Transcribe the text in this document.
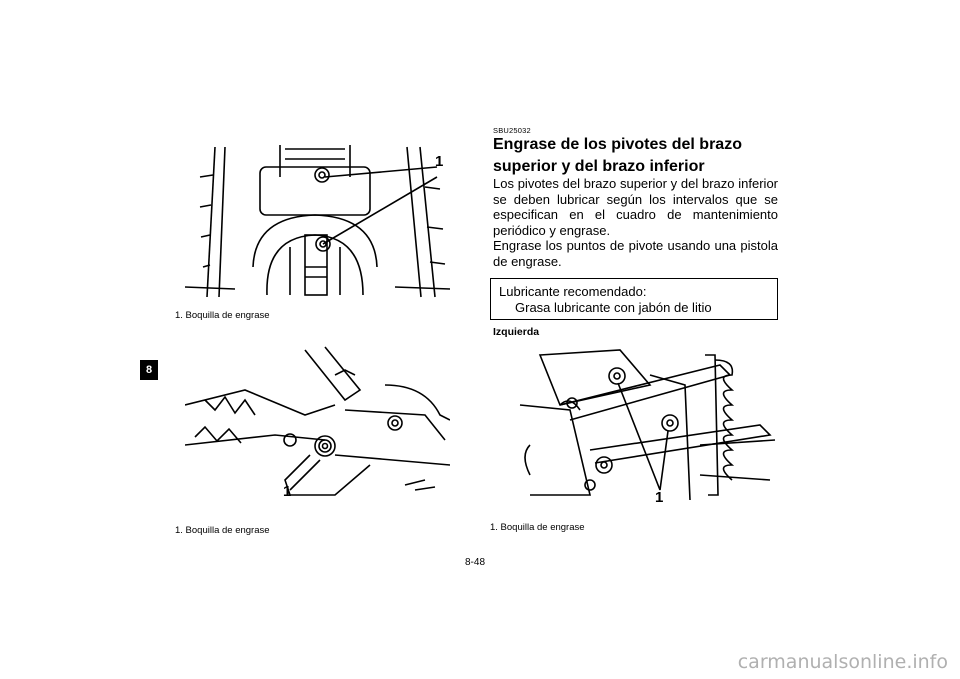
1
1. Boquilla de engrase
8
1
1. Boquilla de engrase
SBU25032
Engrase de los pivotes del brazo
superior y del brazo inferior
Los pivotes del brazo superior y del brazo inferior se deben lubricar según los intervalos que se especifican en el cuadro de mantenimiento periódico y engrase.
Engrase los puntos de pivote usando una pistola de engrase.
Lubricante recomendado:
Grasa lubricante con jabón de litio
Izquierda
1
1. Boquilla de engrase
8-48
carmanualsonline.info
